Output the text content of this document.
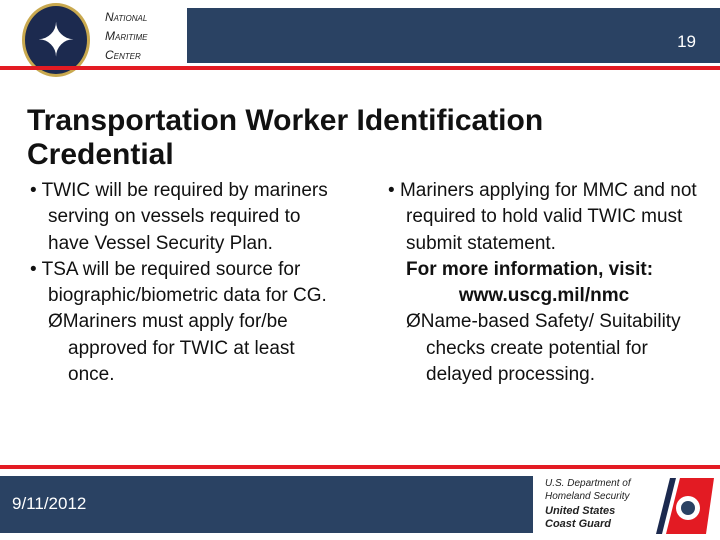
✦ National
Maritime
Center
19
Transportation Worker Identification Credential
• TWIC will be required by mariners serving on vessels required to have Vessel Security Plan.
• TSA will be required source for biographic/biometric data for CG.
ØMariners must apply for/be approved for TWIC at least once.
• Mariners applying for MMC and not required to hold valid TWIC must submit statement.
For more information, visit:
www.uscg.mil/nmc
ØName-based Safety/ Suitability checks create potential for delayed processing.
9/11/2012
U.S. Department of
Homeland Security
United States
Coast Guard
